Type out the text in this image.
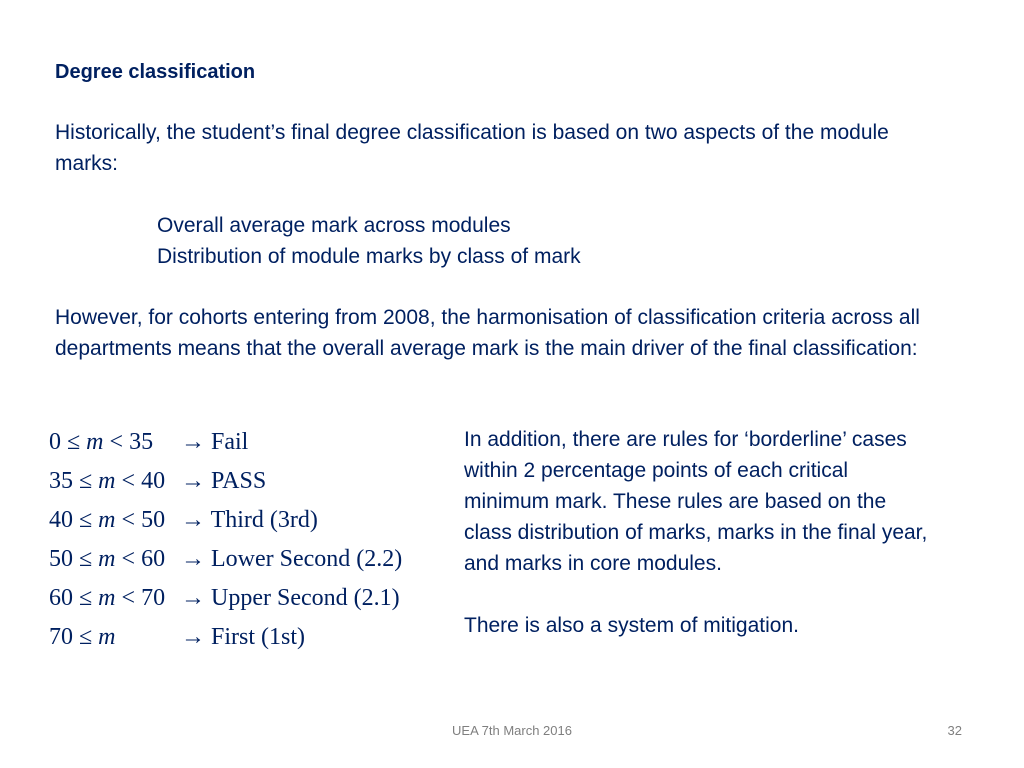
Degree classification
Historically, the student’s final degree classification is based on two aspects of the module marks:
Overall average mark across modules
Distribution of module marks by class of mark
However, for cohorts entering from 2008, the harmonisation of classification criteria across all departments means that the overall average mark is the main driver of the final classification:
0 ≤ m < 35	→ Fail
35 ≤ m < 40 → PASS
40 ≤ m < 50 → Third (3rd)
50 ≤ m < 60 → Lower Second (2.2)
60 ≤ m < 70 → Upper Second (2.1)
70 ≤ m	→ First (1st)

In addition, there are rules for ‘borderline’ cases within 2 percentage points of each critical minimum mark. These rules are based on the class distribution of marks, marks in the final year, and marks in core modules.

There is also a system of mitigation.

UEA 7th March 2016	32
